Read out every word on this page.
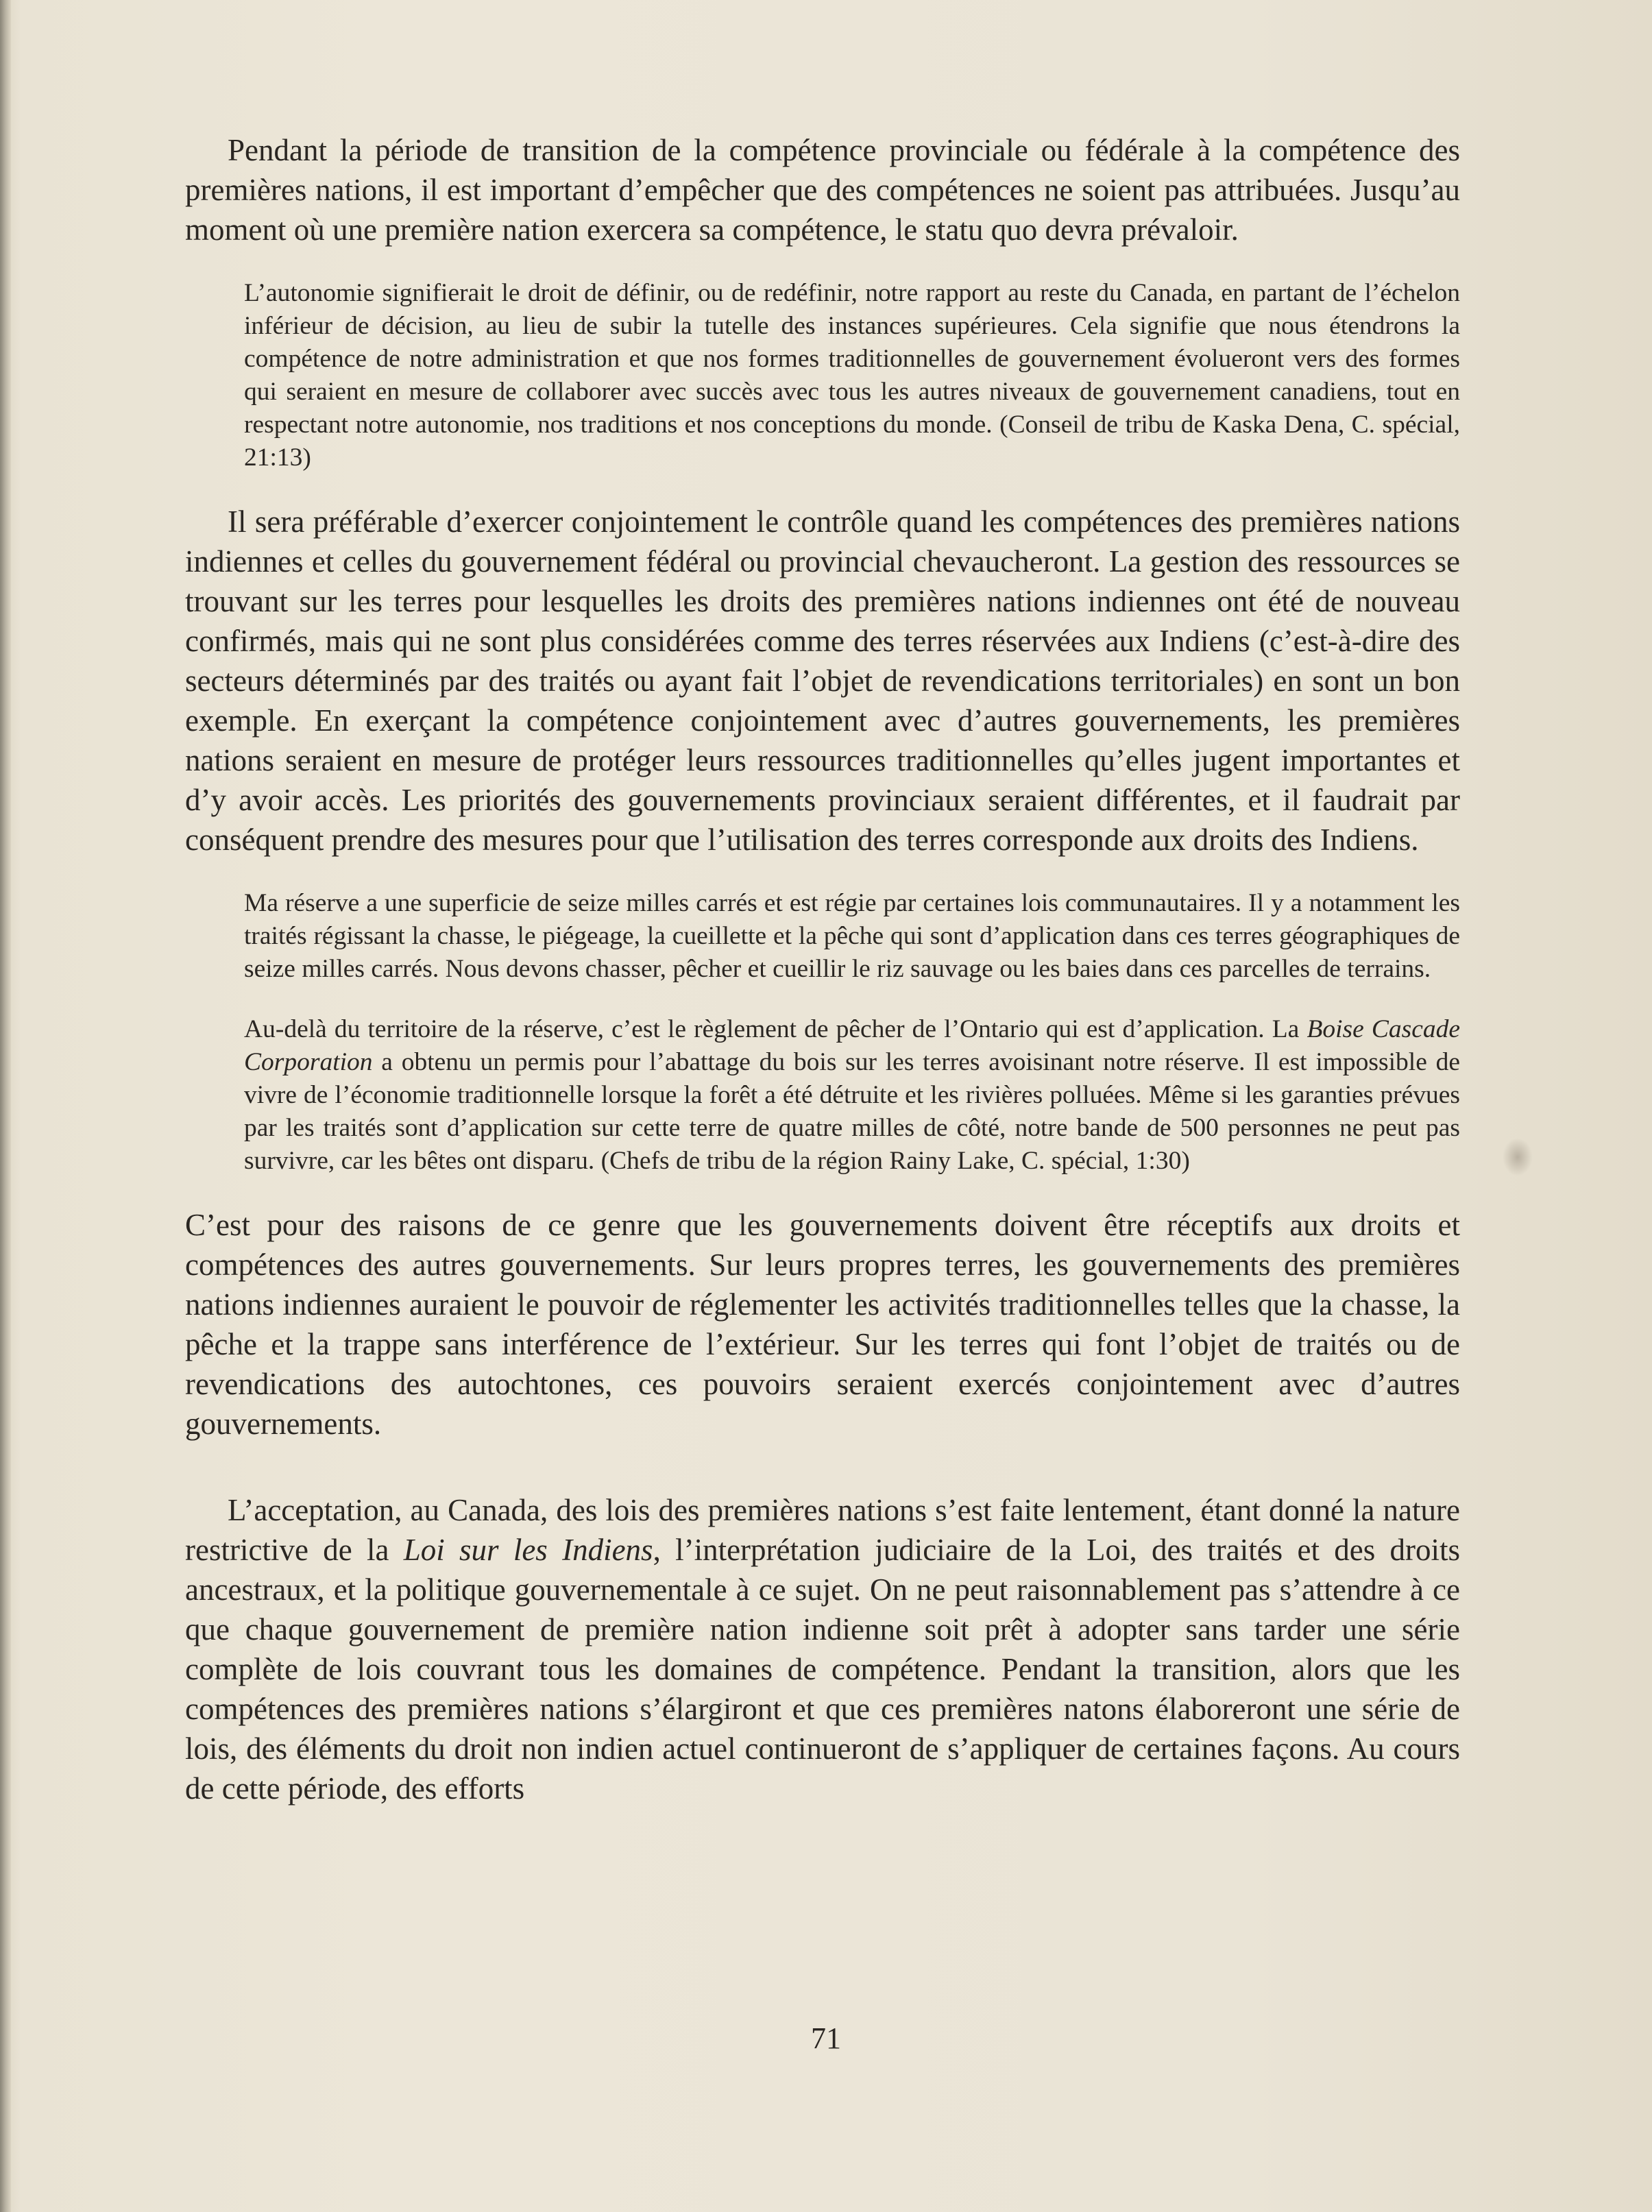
Pendant la période de transition de la compétence provinciale ou fédérale à la compétence des premières nations, il est important d’empêcher que des compétences ne soient pas attribuées. Jusqu’au moment où une première nation exercera sa compétence, le statu quo devra prévaloir.

L’autonomie signifierait le droit de définir, ou de redéfinir, notre rapport au reste du Canada, en partant de l’échelon inférieur de décision, au lieu de subir la tutelle des instances supérieures. Cela signifie que nous étendrons la compétence de notre administration et que nos formes traditionnelles de gouvernement évolueront vers des formes qui seraient en mesure de collaborer avec succès avec tous les autres niveaux de gouvernement canadiens, tout en respectant notre autonomie, nos traditions et nos conceptions du monde. (Conseil de tribu de Kaska Dena, C. spécial, 21:13)

Il sera préférable d’exercer conjointement le contrôle quand les compétences des premières nations indiennes et celles du gouvernement fédéral ou provincial chevaucheront. La gestion des ressources se trouvant sur les terres pour lesquelles les droits des premières nations indiennes ont été de nouveau confirmés, mais qui ne sont plus considérées comme des terres réservées aux Indiens (c’est-à-dire des secteurs déterminés par des traités ou ayant fait l’objet de revendications territoriales) en sont un bon exemple. En exerçant la compétence conjointement avec d’autres gouvernements, les premières nations seraient en mesure de protéger leurs ressources traditionnelles qu’elles jugent importantes et d’y avoir accès. Les priorités des gouvernements provinciaux seraient différentes, et il faudrait par conséquent prendre des mesures pour que l’utilisation des terres corresponde aux droits des Indiens.

Ma réserve a une superficie de seize milles carrés et est régie par certaines lois communautaires. Il y a notamment les traités régissant la chasse, le piégeage, la cueillette et la pêche qui sont d’application dans ces terres géographiques de seize milles carrés. Nous devons chasser, pêcher et cueillir le riz sauvage ou les baies dans ces parcelles de terrains.

Au-delà du territoire de la réserve, c’est le règlement de pêcher de l’Ontario qui est d’application. La Boise Cascade Corporation a obtenu un permis pour l’abattage du bois sur les terres avoisinant notre réserve. Il est impossible de vivre de l’économie traditionnelle lorsque la forêt a été détruite et les rivières polluées. Même si les garanties prévues par les traités sont d’application sur cette terre de quatre milles de côté, notre bande de 500 personnes ne peut pas survivre, car les bêtes ont disparu. (Chefs de tribu de la région Rainy Lake, C. spécial, 1:30)

C’est pour des raisons de ce genre que les gouvernements doivent être réceptifs aux droits et compétences des autres gouvernements. Sur leurs propres terres, les gouvernements des premières nations indiennes auraient le pouvoir de réglementer les activités traditionnelles telles que la chasse, la pêche et la trappe sans interférence de l’extérieur. Sur les terres qui font l’objet de traités ou de revendications des autochtones, ces pouvoirs seraient exercés conjointement avec d’autres gouvernements.

L’acceptation, au Canada, des lois des premières nations s’est faite lentement, étant donné la nature restrictive de la Loi sur les Indiens, l’interprétation judiciaire de la Loi, des traités et des droits ancestraux, et la politique gouvernementale à ce sujet. On ne peut raisonnablement pas s’attendre à ce que chaque gouvernement de première nation indienne soit prêt à adopter sans tarder une série complète de lois couvrant tous les domaines de compétence. Pendant la transition, alors que les compétences des premières nations s’élargiront et que ces premières natons élaboreront une série de lois, des éléments du droit non indien actuel continueront de s’appliquer de certaines façons. Au cours de cette période, des efforts

71
